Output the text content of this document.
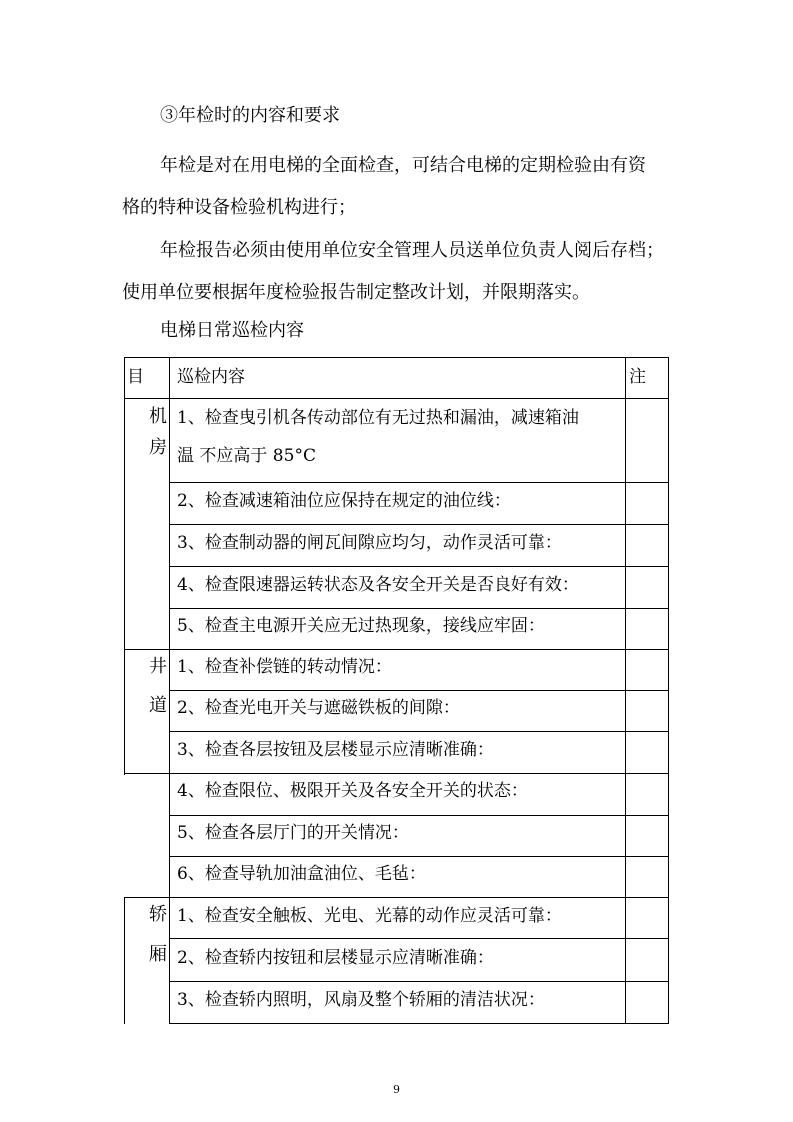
③年检时的内容和要求
年检是对在用电梯的全面检查，可结合电梯的定期检验由有资
格的特种设备检验机构进行；
年检报告必须由使用单位安全管理人员送单位负责人阅后存档；
使用单位要根据年度检验报告制定整改计划，并限期落实。
电梯日常巡检内容
目 巡检内容	注
机
房
1、检查曳引机各传动部位有无过热和漏油，减速箱油
温 不应高于 85°C
2、检查减速箱油位应保持在规定的油位线：
3、检查制动器的闸瓦间隙应均匀，动作灵活可靠：
4、检查限速器运转状态及各安全开关是否良好有效：
5、检查主电源开关应无过热现象，接线应牢固：
井
道
1、检查补偿链的转动情况：
2、检查光电开关与遮磁铁板的间隙：
3、检查各层按钮及层楼显示应清晰准确：
4、检查限位、极限开关及各安全开关的状态：
5、检查各层厅门的开关情况：
6、检查导轨加油盒油位、毛毡：
轿
厢
1、检查安全触板、光电、光幕的动作应灵活可靠：
2、检查轿内按钮和层楼显示应清晰准确：
3、检查轿内照明，风扇及整个轿厢的清洁状况：
9
